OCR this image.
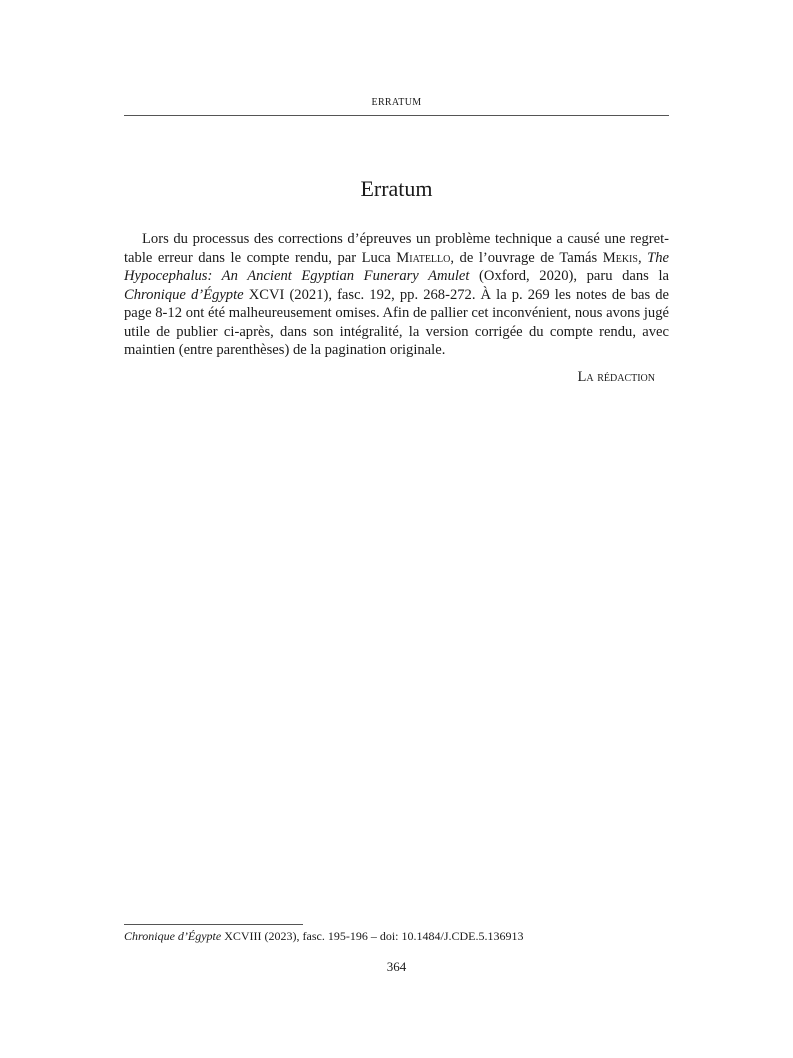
ERRATUM
Erratum

Lors du processus des corrections d’épreuves un problème technique a causé une regret-table erreur dans le compte rendu, par Luca Miatello, de l’ouvrage de Tamás Mekis, The Hypocephalus: An Ancient Egyptian Funerary Amulet (Oxford, 2020), paru dans la Chronique d’Égypte XCVI (2021), fasc. 192, pp. 268-272. À la p. 269 les notes de bas de page 8-12 ont été malheureusement omises. Afin de pallier cet inconvénient, nous avons jugé utile de publier ci-après, dans son intégralité, la version corrigée du compte rendu, avec maintien (entre parenthèses) de la pagination originale.

La rédaction
Chronique d’Égypte XCVIII (2023), fasc. 195-196 – doi: 10.1484/J.CDE.5.136913
364
